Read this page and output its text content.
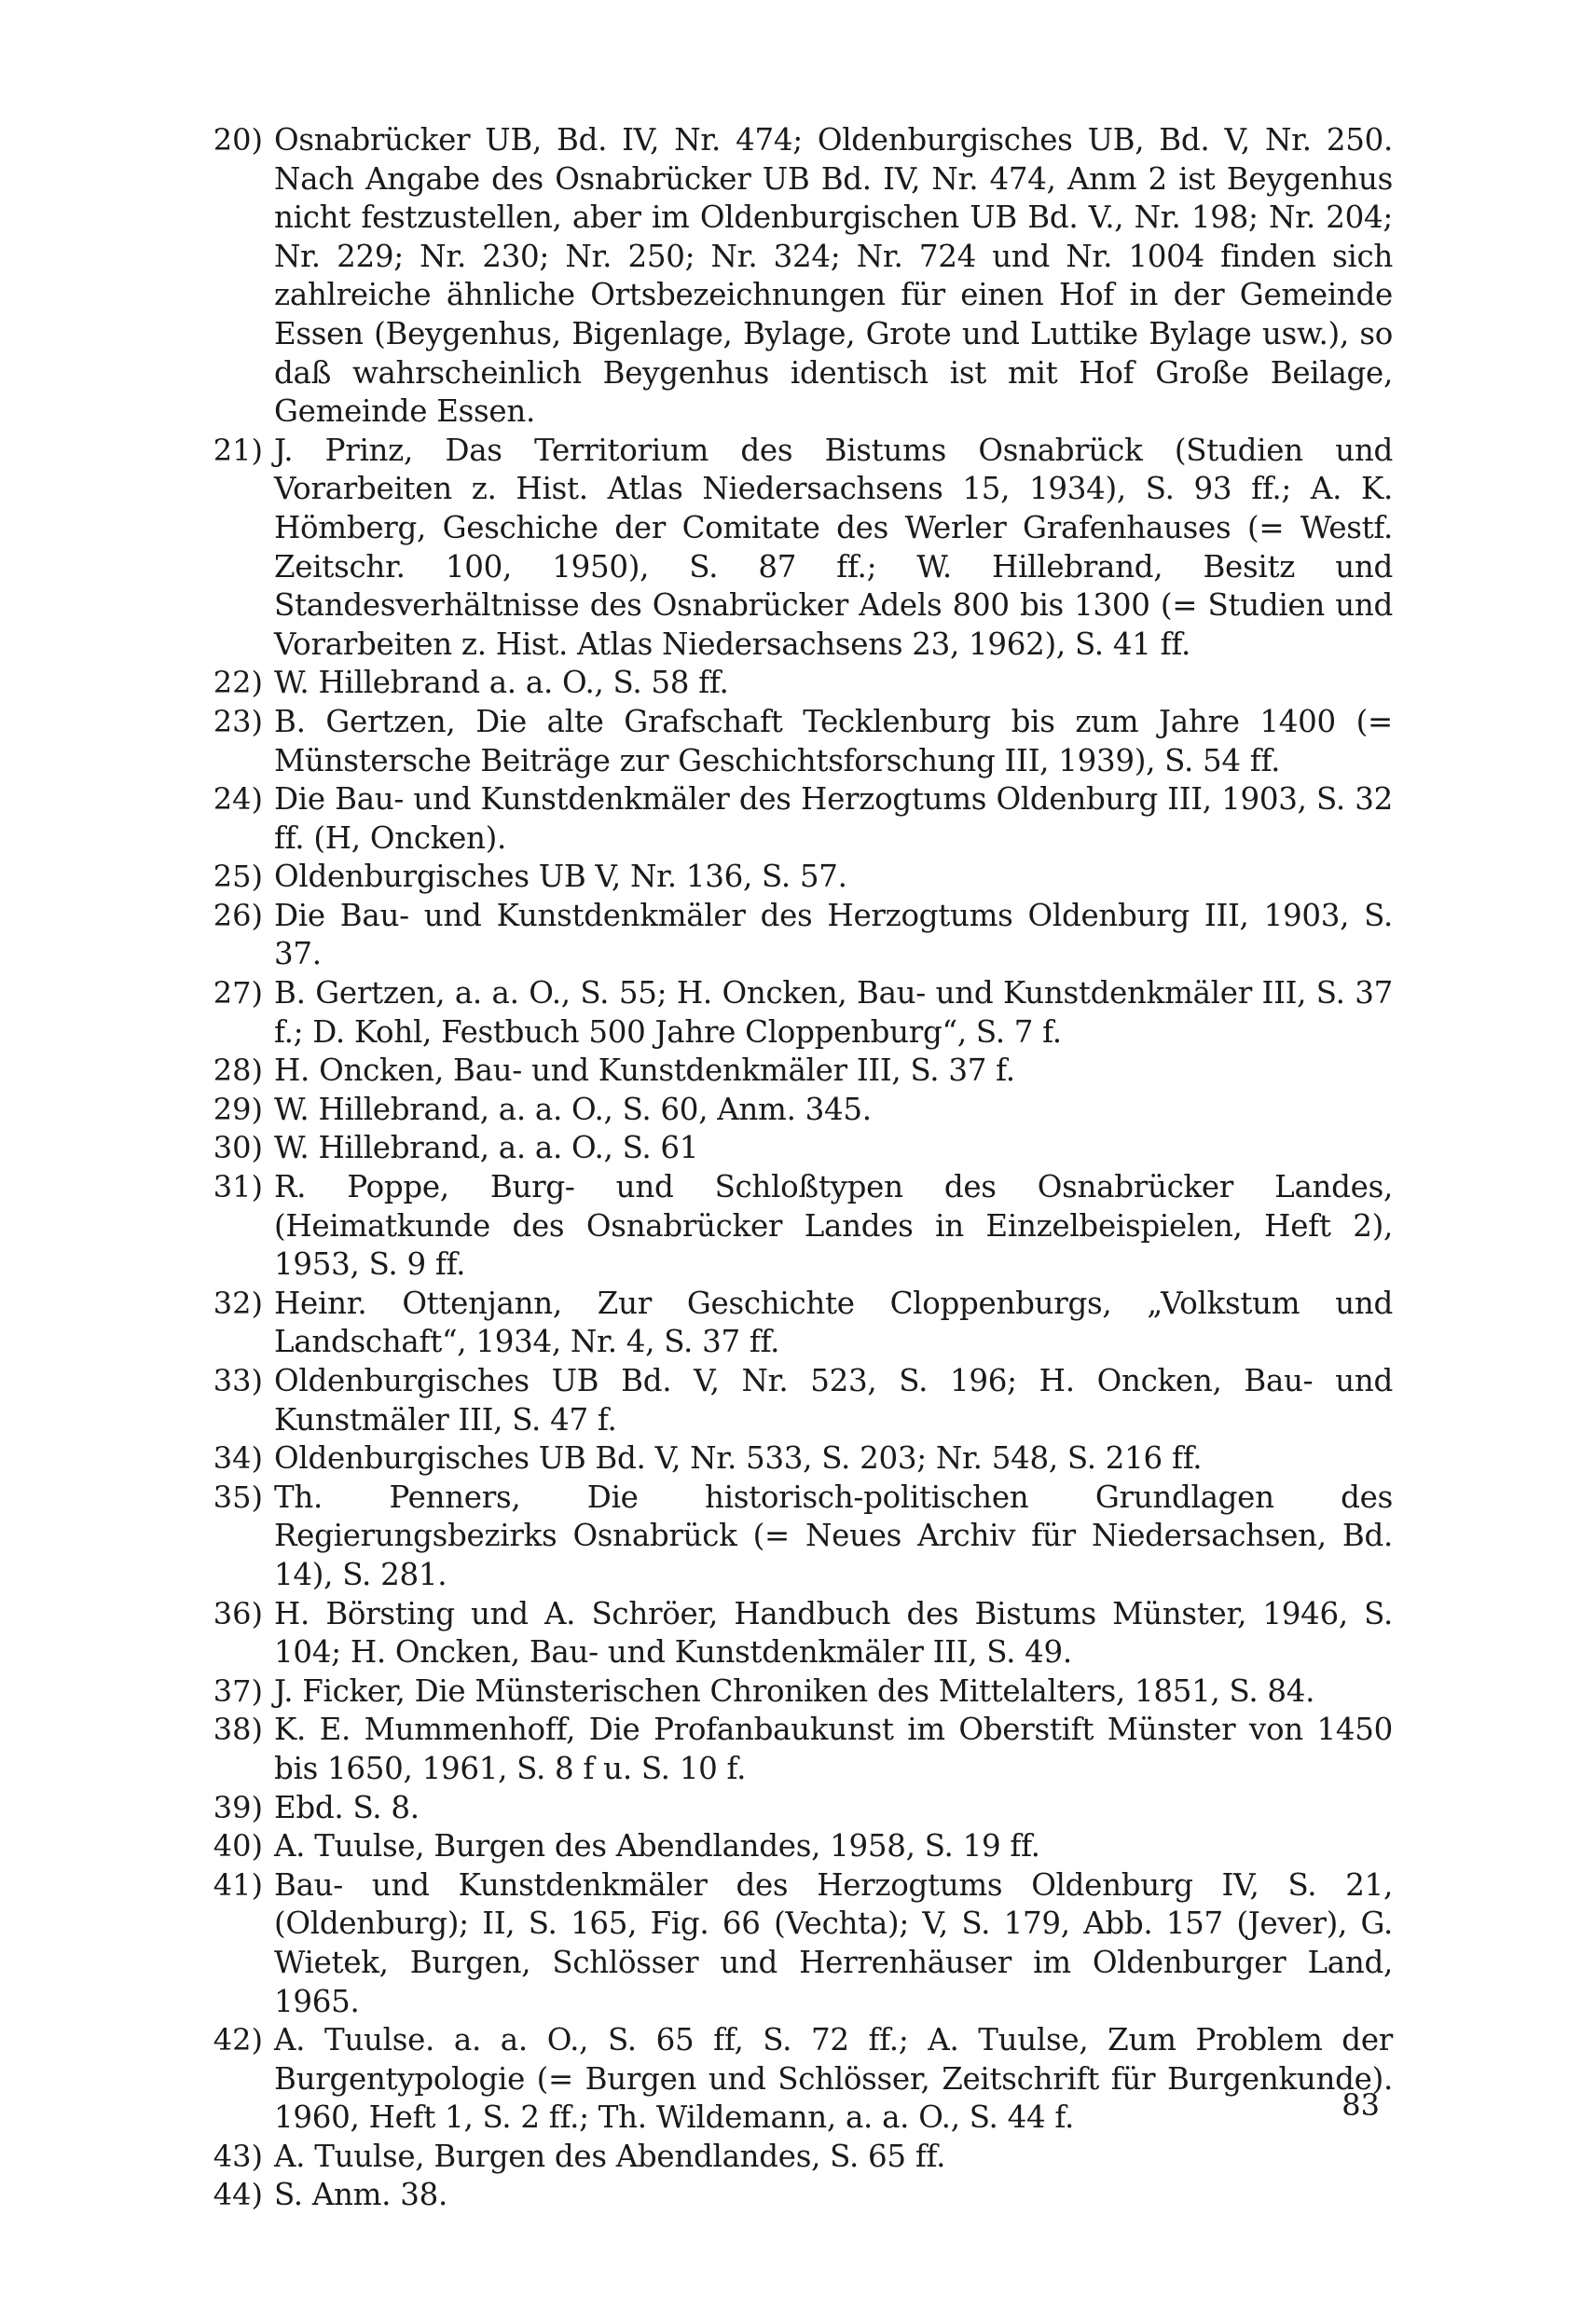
20) Osnabrücker UB, Bd. IV, Nr. 474; Oldenburgisches UB, Bd. V, Nr. 250. Nach Angabe des Osnabrücker UB Bd. IV, Nr. 474, Anm 2 ist Beygenhus nicht festzustellen, aber im Oldenburgischen UB Bd. V., Nr. 198; Nr. 204; Nr. 229; Nr. 230; Nr. 250; Nr. 324; Nr. 724 und Nr. 1004 finden sich zahlreiche ähnliche Ortsbezeichnungen für einen Hof in der Gemeinde Essen (Beygenhus, Bigenlage, Bylage, Grote und Luttike Bylage usw.), so daß wahrscheinlich Beygenhus identisch ist mit Hof Große Beilage, Gemeinde Essen.
21) J. Prinz, Das Territorium des Bistums Osnabrück (Studien und Vorarbeiten z. Hist. Atlas Niedersachsens 15, 1934), S. 93 ff.; A. K. Hömberg, Geschiche der Comitate des Werler Grafenhauses (= Westf. Zeitschr. 100, 1950), S. 87 ff.; W. Hillebrand, Besitz und Standesverhältnisse des Osnabrücker Adels 800 bis 1300 (= Studien und Vorarbeiten z. Hist. Atlas Niedersachsens 23, 1962), S. 41 ff.
22) W. Hillebrand a. a. O., S. 58 ff.
23) B. Gertzen, Die alte Grafschaft Tecklenburg bis zum Jahre 1400 (= Münstersche Beiträge zur Geschichtsforschung III, 1939), S. 54 ff.
24) Die Bau- und Kunstdenkmäler des Herzogtums Oldenburg III, 1903, S. 32 ff. (H, Oncken).
25) Oldenburgisches UB V, Nr. 136, S. 57.
26) Die Bau- und Kunstdenkmäler des Herzogtums Oldenburg III, 1903, S. 37.
27) B. Gertzen, a. a. O., S. 55; H. Oncken, Bau- und Kunstdenkmäler III, S. 37 f.; D. Kohl, Festbuch 500 Jahre Cloppenburg“, S. 7 f.
28) H. Oncken, Bau- und Kunstdenkmäler III, S. 37 f.
29) W. Hillebrand, a. a. O., S. 60, Anm. 345.
30) W. Hillebrand, a. a. O., S. 61
31) R. Poppe, Burg- und Schloßtypen des Osnabrücker Landes, (Heimatkunde des Osnabrücker Landes in Einzelbeispielen, Heft 2), 1953, S. 9 ff.
32) Heinr. Ottenjann, Zur Geschichte Cloppenburgs, „Volkstum und Landschaft“, 1934, Nr. 4, S. 37 ff.
33) Oldenburgisches UB Bd. V, Nr. 523, S. 196; H. Oncken, Bau- und Kunstmäler III, S. 47 f.
34) Oldenburgisches UB Bd. V, Nr. 533, S. 203; Nr. 548, S. 216 ff.
35) Th. Penners, Die historisch-politischen Grundlagen des Regierungsbezirks Osnabrück (= Neues Archiv für Niedersachsen, Bd. 14), S. 281.
36) H. Börsting und A. Schröer, Handbuch des Bistums Münster, 1946, S. 104; H. Oncken, Bau- und Kunstdenkmäler III, S. 49.
37) J. Ficker, Die Münsterischen Chroniken des Mittelalters, 1851, S. 84.
38) K. E. Mummenhoff, Die Profanbaukunst im Oberstift Münster von 1450 bis 1650, 1961, S. 8 f u. S. 10 f.
39) Ebd. S. 8.
40) A. Tuulse, Burgen des Abendlandes, 1958, S. 19 ff.
41) Bau- und Kunstdenkmäler des Herzogtums Oldenburg IV, S. 21, (Oldenburg); II, S. 165, Fig. 66 (Vechta); V, S. 179, Abb. 157 (Jever), G. Wietek, Burgen, Schlösser und Herrenhäuser im Oldenburger Land, 1965.
42) A. Tuulse. a. a. O., S. 65 ff, S. 72 ff.; A. Tuulse, Zum Problem der Burgentypologie (= Burgen und Schlösser, Zeitschrift für Burgenkunde). 1960, Heft 1, S. 2 ff.; Th. Wildemann, a. a. O., S. 44 f.
43) A. Tuulse, Burgen des Abendlandes, S. 65 ff.
44) S. Anm. 38.
83
